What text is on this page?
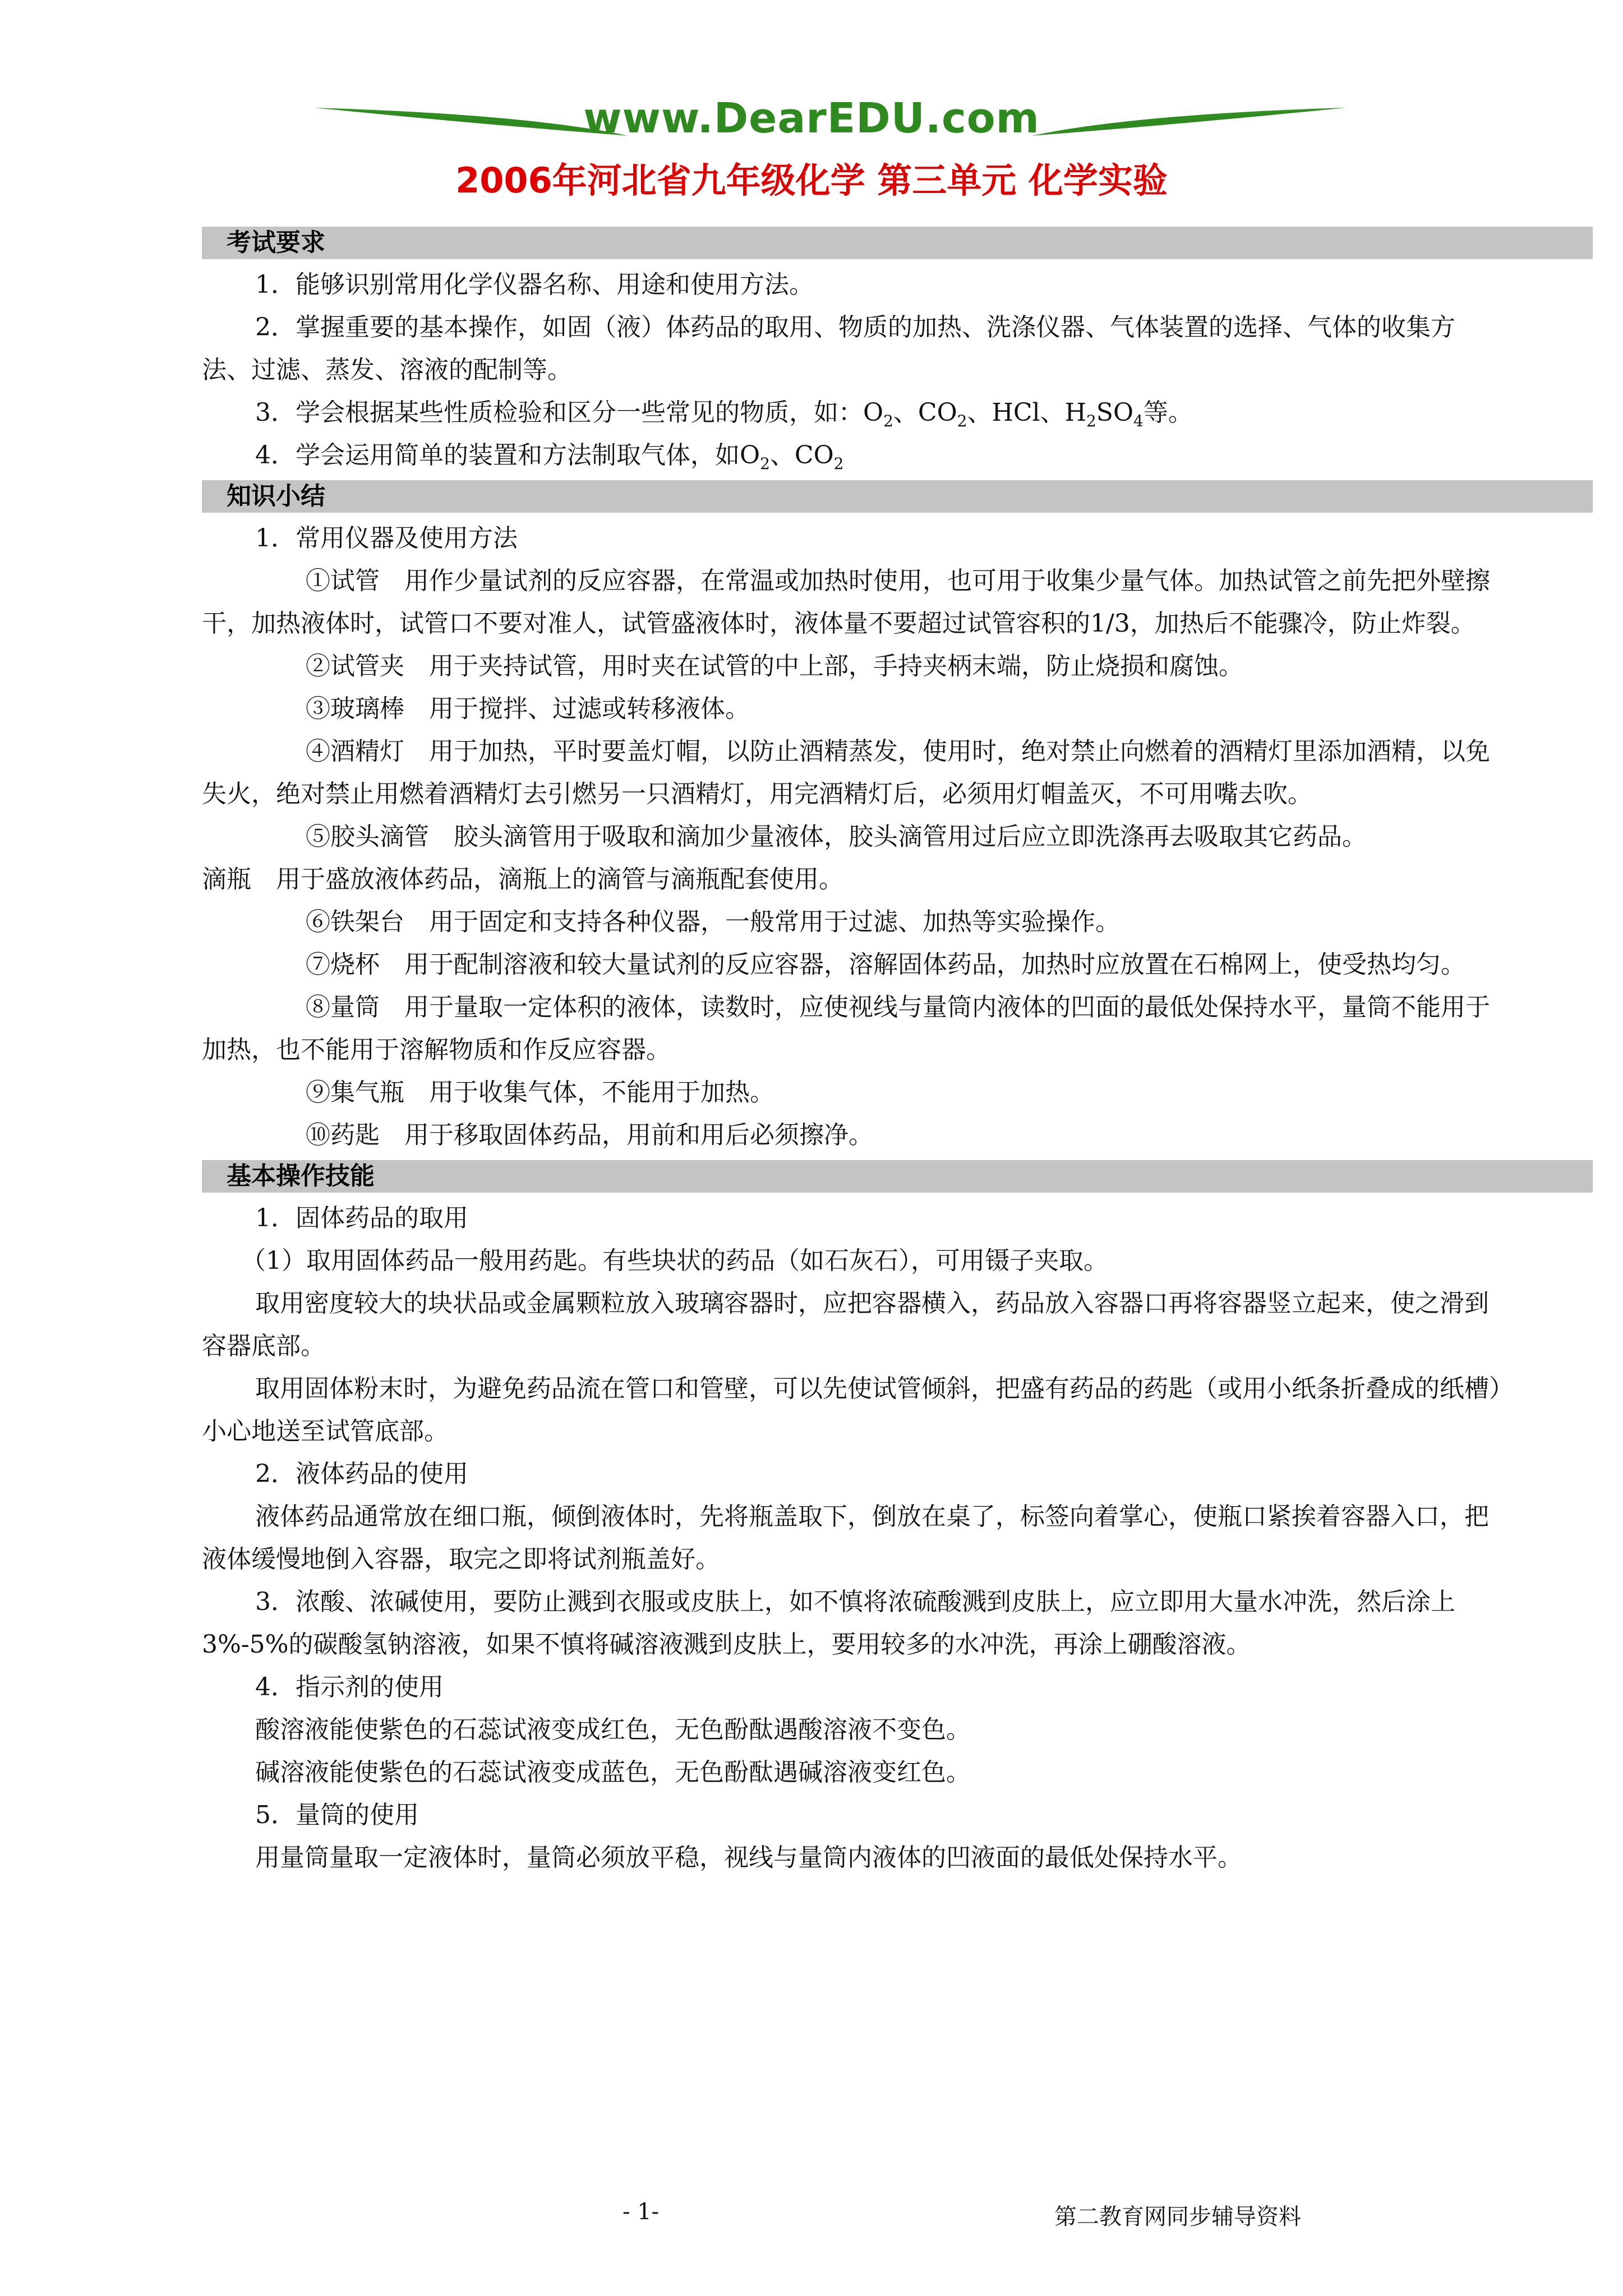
www.DearEDU.com
2006年河北省九年级化学 第三单元 化学实验
考试要求

1．能够识别常用化学仪器名称、用途和使用方法。

2．掌握重要的基本操作，如固（液）体药品的取用、物质的加热、洗涤仪器、气体装置的选择、气体的收集方法、过滤、蒸发、溶液的配制等。

3．学会根据某些性质检验和区分一些常见的物质，如：$O_2$、$CO_2$、HCl、$H_2SO_4$等。

4．学会运用简单的装置和方法制取气体，如$O_2$、$CO_2$

知识小结

1．常用仪器及使用方法

①试管　用作少量试剂的反应容器，在常温或加热时使用，也可用于收集少量气体。加热试管之前先把外壁擦干，加热液体时，试管口不要对准人，试管盛液体时，液体量不要超过试管容积的1/3，加热后不能骤冷，防止炸裂。

②试管夹　用于夹持试管，用时夹在试管的中上部，手持夹柄末端，防止烧损和腐蚀。

③玻璃棒　用于搅拌、过滤或转移液体。

④酒精灯　用于加热，平时要盖灯帽，以防止酒精蒸发，使用时，绝对禁止向燃着的酒精灯里添加酒精，以免失火，绝对禁止用燃着酒精灯去引燃另一只酒精灯，用完酒精灯后，必须用灯帽盖灭，不可用嘴去吹。

⑤胶头滴管　胶头滴管用于吸取和滴加少量液体，胶头滴管用过后应立即洗涤再去吸取其它药品。

滴瓶　用于盛放液体药品，滴瓶上的滴管与滴瓶配套使用。

⑥铁架台　用于固定和支持各种仪器，一般常用于过滤、加热等实验操作。

⑦烧杯　用于配制溶液和较大量试剂的反应容器，溶解固体药品，加热时应放置在石棉网上，使受热均匀。

⑧量筒　用于量取一定体积的液体，读数时，应使视线与量筒内液体的凹面的最低处保持水平，量筒不能用于加热，也不能用于溶解物质和作反应容器。

⑨集气瓶　用于收集气体，不能用于加热。

⑩药匙　用于移取固体药品，用前和用后必须擦净。

基本操作技能

1．固体药品的取用

（1）取用固体药品一般用药匙。有些块状的药品（如石灰石），可用镊子夹取。

取用密度较大的块状品或金属颗粒放入玻璃容器时，应把容器横入，药品放入容器口再将容器竖立起来，使之滑到容器底部。

取用固体粉末时，为避免药品流在管口和管壁，可以先使试管倾斜，把盛有药品的药匙（或用小纸条折叠成的纸槽）小心地送至试管底部。

2．液体药品的使用

液体药品通常放在细口瓶，倾倒液体时，先将瓶盖取下，倒放在桌了，标签向着掌心，使瓶口紧挨着容器入口，把液体缓慢地倒入容器，取完之即将试剂瓶盖好。

3．浓酸、浓碱使用，要防止溅到衣服或皮肤上，如不慎将浓硫酸溅到皮肤上，应立即用大量水冲洗，然后涂上3%-5%的碳酸氢钠溶液，如果不慎将碱溶液溅到皮肤上，要用较多的水冲洗，再涂上硼酸溶液。

4．指示剂的使用

酸溶液能使紫色的石蕊试液变成红色，无色酚酞遇酸溶液不变色。

碱溶液能使紫色的石蕊试液变成蓝色，无色酚酞遇碱溶液变红色。

5．量筒的使用

用量筒量取一定液体时，量筒必须放平稳，视线与量筒内液体的凹液面的最低处保持水平。

- 1-	第二教育网同步辅导资料
